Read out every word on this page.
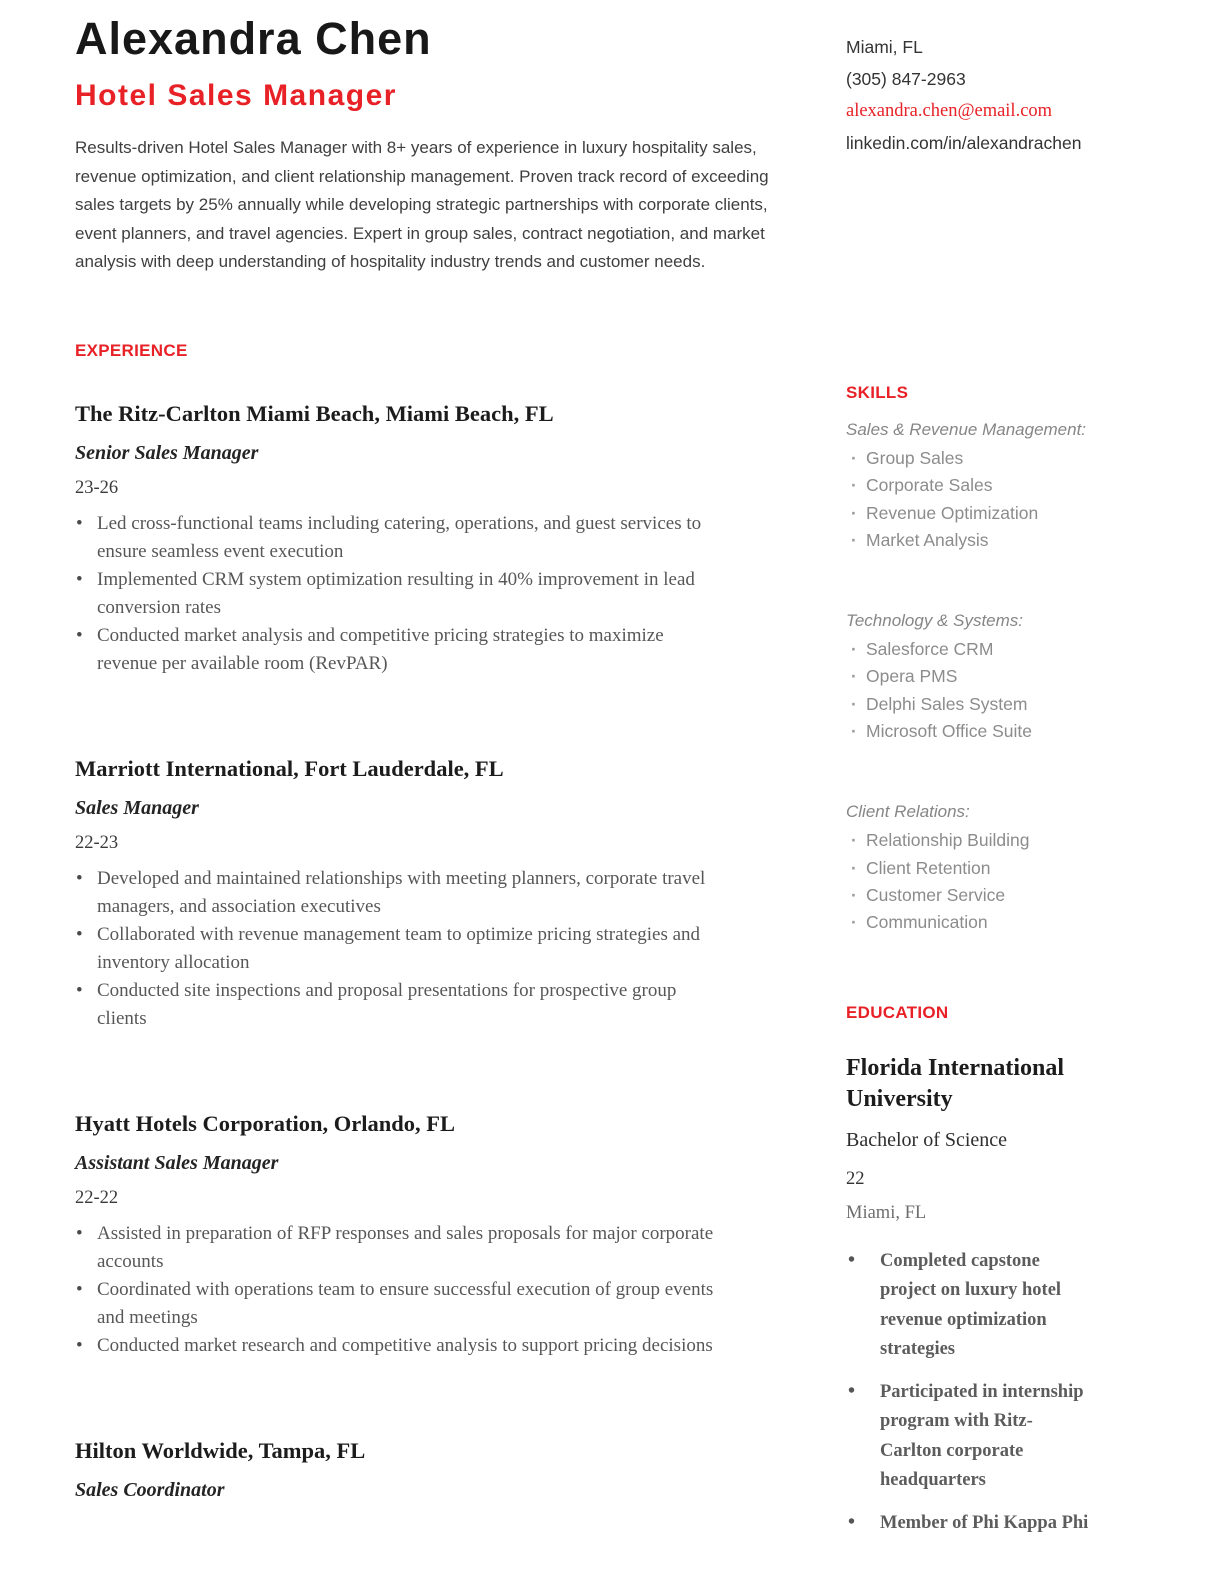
Alexandra Chen
Hotel Sales Manager

Results-driven Hotel Sales Manager with 8+ years of experience in luxury hospitality sales, revenue optimization, and client relationship management. Proven track record of exceeding sales targets by 25% annually while developing strategic partnerships with corporate clients, event planners, and travel agencies. Expert in group sales, contract negotiation, and market analysis with deep understanding of hospitality industry trends and customer needs.

EXPERIENCE
The Ritz-Carlton Miami Beach, Miami Beach, FL
Senior Sales Manager
23-26
• Led cross-functional teams including catering, operations, and guest services to ensure seamless event execution
• Implemented CRM system optimization resulting in 40% improvement in lead conversion rates
• Conducted market analysis and competitive pricing strategies to maximize revenue per available room (RevPAR)
Marriott International, Fort Lauderdale, FL
Sales Manager
22-23
• Developed and maintained relationships with meeting planners, corporate travel managers, and association executives
• Collaborated with revenue management team to optimize pricing strategies and inventory allocation
• Conducted site inspections and proposal presentations for prospective group clients
Hyatt Hotels Corporation, Orlando, FL
Assistant Sales Manager
22-22
• Assisted in preparation of RFP responses and sales proposals for major corporate accounts
• Coordinated with operations team to ensure successful execution of group events and meetings
• Conducted market research and competitive analysis to support pricing decisions
Hilton Worldwide, Tampa, FL
Sales Coordinator
Miami, FL
(305) 847-2963
alexandra.chen@email.com
linkedin.com/in/alexandrachen
SKILLS
Sales & Revenue Management:
· Group Sales
· Corporate Sales
· Revenue Optimization
· Market Analysis
Technology & Systems:
· Salesforce CRM
· Opera PMS
· Delphi Sales System
· Microsoft Office Suite
Client Relations:
· Relationship Building
· Client Retention
· Customer Service
· Communication
EDUCATION
Florida International University
Bachelor of Science
22
Miami, FL
• Completed capstone project on luxury hotel revenue optimization strategies
• Participated in internship program with Ritz-Carlton corporate headquarters
• Member of Phi Kappa Phi
